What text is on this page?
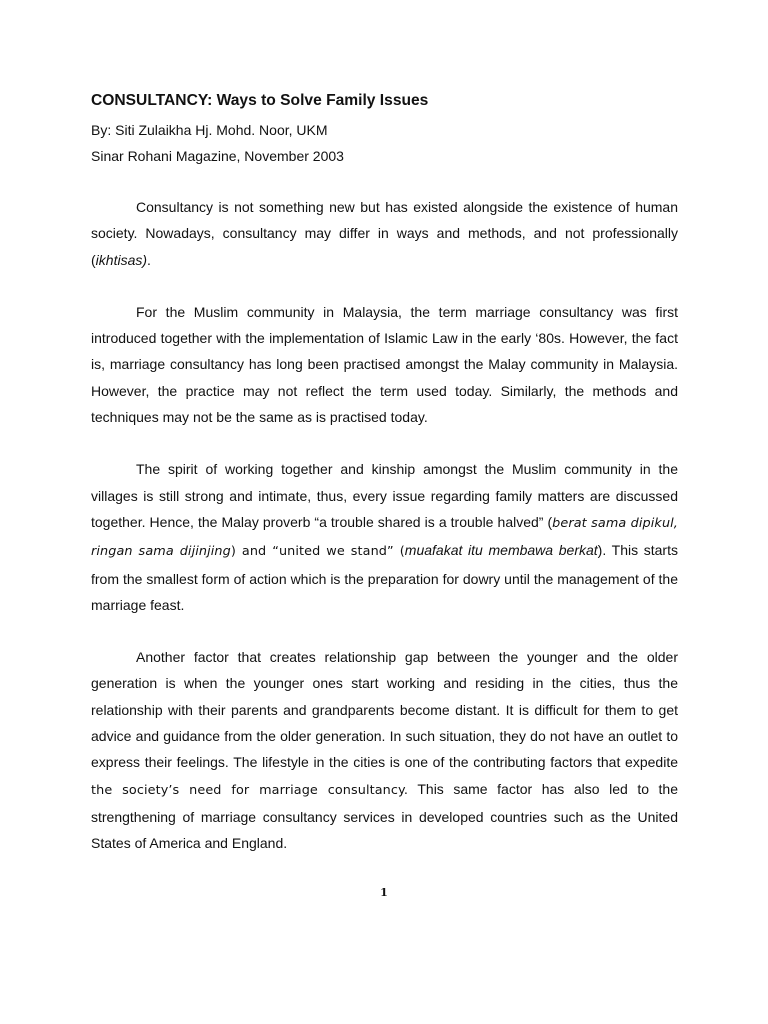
CONSULTANCY: Ways to Solve Family Issues

By: Siti Zulaikha Hj. Mohd. Noor, UKM

Sinar Rohani Magazine, November 2003

Consultancy is not something new but has existed alongside the existence of human society. Nowadays, consultancy may differ in ways and methods, and not professionally (ikhtisas).

For the Muslim community in Malaysia, the term marriage consultancy was first introduced together with the implementation of Islamic Law in the early ‘80s. However, the fact is, marriage consultancy has long been practised amongst the Malay community in Malaysia. However, the practice may not reflect the term used today. Similarly, the methods and techniques may not be the same as is practised today.

The spirit of working together and kinship amongst the Muslim community in the villages is still strong and intimate, thus, every issue regarding family matters are discussed together. Hence, the Malay proverb “a trouble shared is a trouble halved” (berat sama dipikul, ringan sama dijinjing) and “united we stand” (muafakat itu membawa berkat). This starts from the smallest form of action which is the preparation for dowry until the management of the marriage feast.

Another factor that creates relationship gap between the younger and the older generation is when the younger ones start working and residing in the cities, thus the relationship with their parents and grandparents become distant. It is difficult for them to get advice and guidance from the older generation. In such situation, they do not have an outlet to express their feelings. The lifestyle in the cities is one of the contributing factors that expedite the society’s need for marriage consultancy. This same factor has also led to the strengthening of marriage consultancy services in developed countries such as the United States of America and England.

1
